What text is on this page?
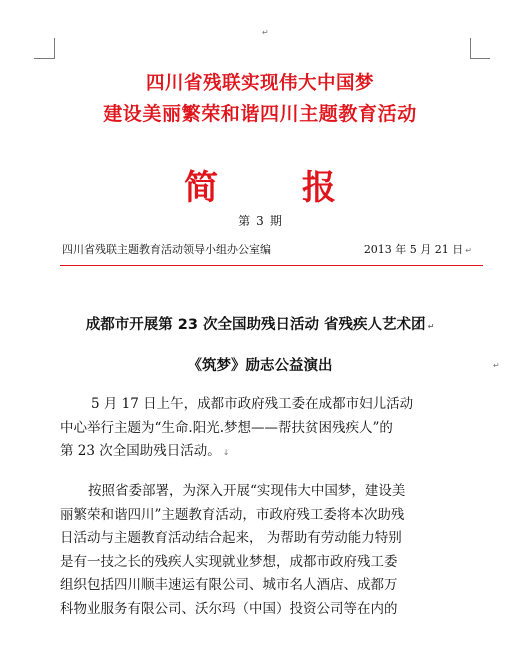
↵
四川省残联实现伟大中国梦
建设美丽繁荣和谐四川主题教育活动
简 报
第 3 期
四川省残联主题教育活动领导小组办公室编	2013 年 5 月 21 日 ↵
成都市开展第 23 次全国助残日活动 省残疾人艺术团 ↵
《筑梦》励志公益演出	↵
5 月 17 日上午，成都市政府残工委在成都市妇儿活动
中心举行主题为“生命.阳光.梦想——帮扶贫困残疾人”的
第 23 次全国助残日活动。 ↓
按照省委部署，为深入开展“实现伟大中国梦，建设美
丽繁荣和谐四川”主题教育活动，市政府残工委将本次助残
日活动与主题教育活动结合起来， 为帮助有劳动能力特别
是有一技之长的残疾人实现就业梦想，成都市政府残工委
组织包括四川顺丰速运有限公司、城市名人酒店、成都万
科物业服务有限公司、沃尔玛（中国）投资公司等在内的
